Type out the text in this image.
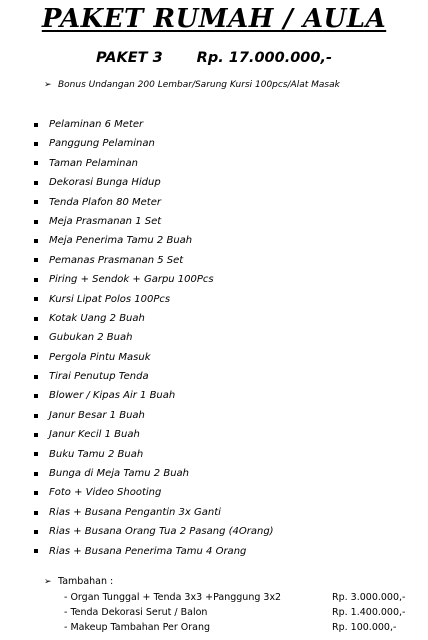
PAKET RUMAH / AULA
PAKET 3 Rp. 17.000.000,-
➢ Bonus Undangan 200 Lembar/Sarung Kursi 100pcs/Alat Masak
Pelaminan 6 Meter
Panggung Pelaminan
Taman Pelaminan
Dekorasi Bunga Hidup
Tenda Plafon 80 Meter
Meja Prasmanan 1 Set
Meja Penerima Tamu 2 Buah
Pemanas Prasmanan 5 Set
Piring + Sendok + Garpu 100Pcs
Kursi Lipat Polos 100Pcs
Kotak Uang 2 Buah
Gubukan 2 Buah
Pergola Pintu Masuk
Tirai Penutup Tenda
Blower / Kipas Air 1 Buah
Janur Besar 1 Buah
Janur Kecil 1 Buah
Buku Tamu 2 Buah
Bunga di Meja Tamu 2 Buah
Foto + Video Shooting
Rias + Busana Pengantin 3x Ganti
Rias + Busana Orang Tua 2 Pasang (4Orang)
Rias + Busana Penerima Tamu 4 Orang
➢ Tambahan :
- Organ Tunggal + Tenda 3x3 +Panggung 3x2	Rp. 3.000.000,-
- Tenda Dekorasi Serut / Balon	Rp. 1.400.000,-
- Makeup Tambahan Per Orang	Rp. 100.000,-
